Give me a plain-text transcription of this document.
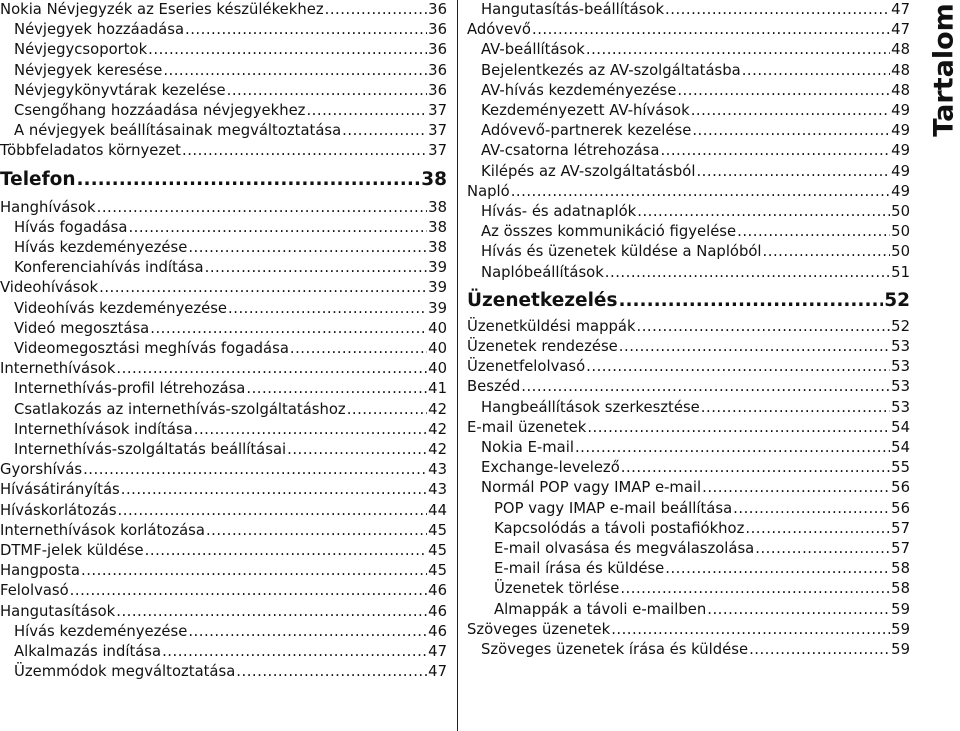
Nokia Névjegyzék az Eseries készülékekhez .....	36
Névjegyek hozzáadása .....	36
Névjegycsoportok .....	36
Névjegyek keresése .....	36
Névjegykönyvtárak kezelése .....	36
Csengőhang hozzáadása névjegyekhez .....	37
A névjegyek beállításainak megváltoztatása .....	37
Többfeladatos környezet .....	37
Telefon .....	38
Hanghívások .....	38
Hívás fogadása .....	38
Hívás kezdeményezése .....	38
Konferenciahívás indítása .....	39
Videohívások .....	39
Videohívás kezdeményezése .....	39
Videó megosztása .....	40
Videomegosztási meghívás fogadása .....	40
Internethívások .....	40
Internethívás-profil létrehozása .....	41
Csatlakozás az internethívás-szolgáltatáshoz .....	42
Internethívások indítása .....	42
Internethívás-szolgáltatás beállításai .....	42
Gyorshívás .....	43
Hívásátirányítás .....	43
Híváskorlátozás .....	44
Internethívások korlátozása .....	45
DTMF-jelek küldése .....	45
Hangposta .....	45
Felolvasó .....	46
Hangutasítások .....	46
Hívás kezdeményezése .....	46
Alkalmazás indítása .....	47
Üzemmódok megváltoztatása .....	47
Hangutasítás-beállítások .....	47
Adóvevő .....	47
AV-beállítások .....	48
Bejelentkezés az AV-szolgáltatásba .....	48
AV-hívás kezdeményezése .....	48
Kezdeményezett AV-hívások .....	49
Adóvevő-partnerek kezelése .....	49
AV-csatorna létrehozása .....	49
Kilépés az AV-szolgáltatásból .....	49
Napló .....	49
Hívás- és adatnaplók .....	50
Az összes kommunikáció figyelése .....	50
Hívás és üzenetek küldése a Naplóból .....	50
Naplóbeállítások .....	51
Üzenetkezelés .....	52
Üzenetküldési mappák .....	52
Üzenetek rendezése .....	53
Üzenetfelolvasó .....	53
Beszéd .....	53
Hangbeállítások szerkesztése .....	53
E-mail üzenetek .....	54
Nokia E-mail .....	54
Exchange-levelező .....	55
Normál POP vagy IMAP e-mail .....	56
POP vagy IMAP e-mail beállítása .....	56
Kapcsolódás a távoli postafiókhoz .....	57
E-mail olvasása és megválaszolása .....	57
E-mail írása és küldése .....	58
Üzenetek törlése .....	58
Almappák a távoli e-mailben .....	59
Szöveges üzenetek .....	59
Szöveges üzenetek írása és küldése .....	59
Tartalom
